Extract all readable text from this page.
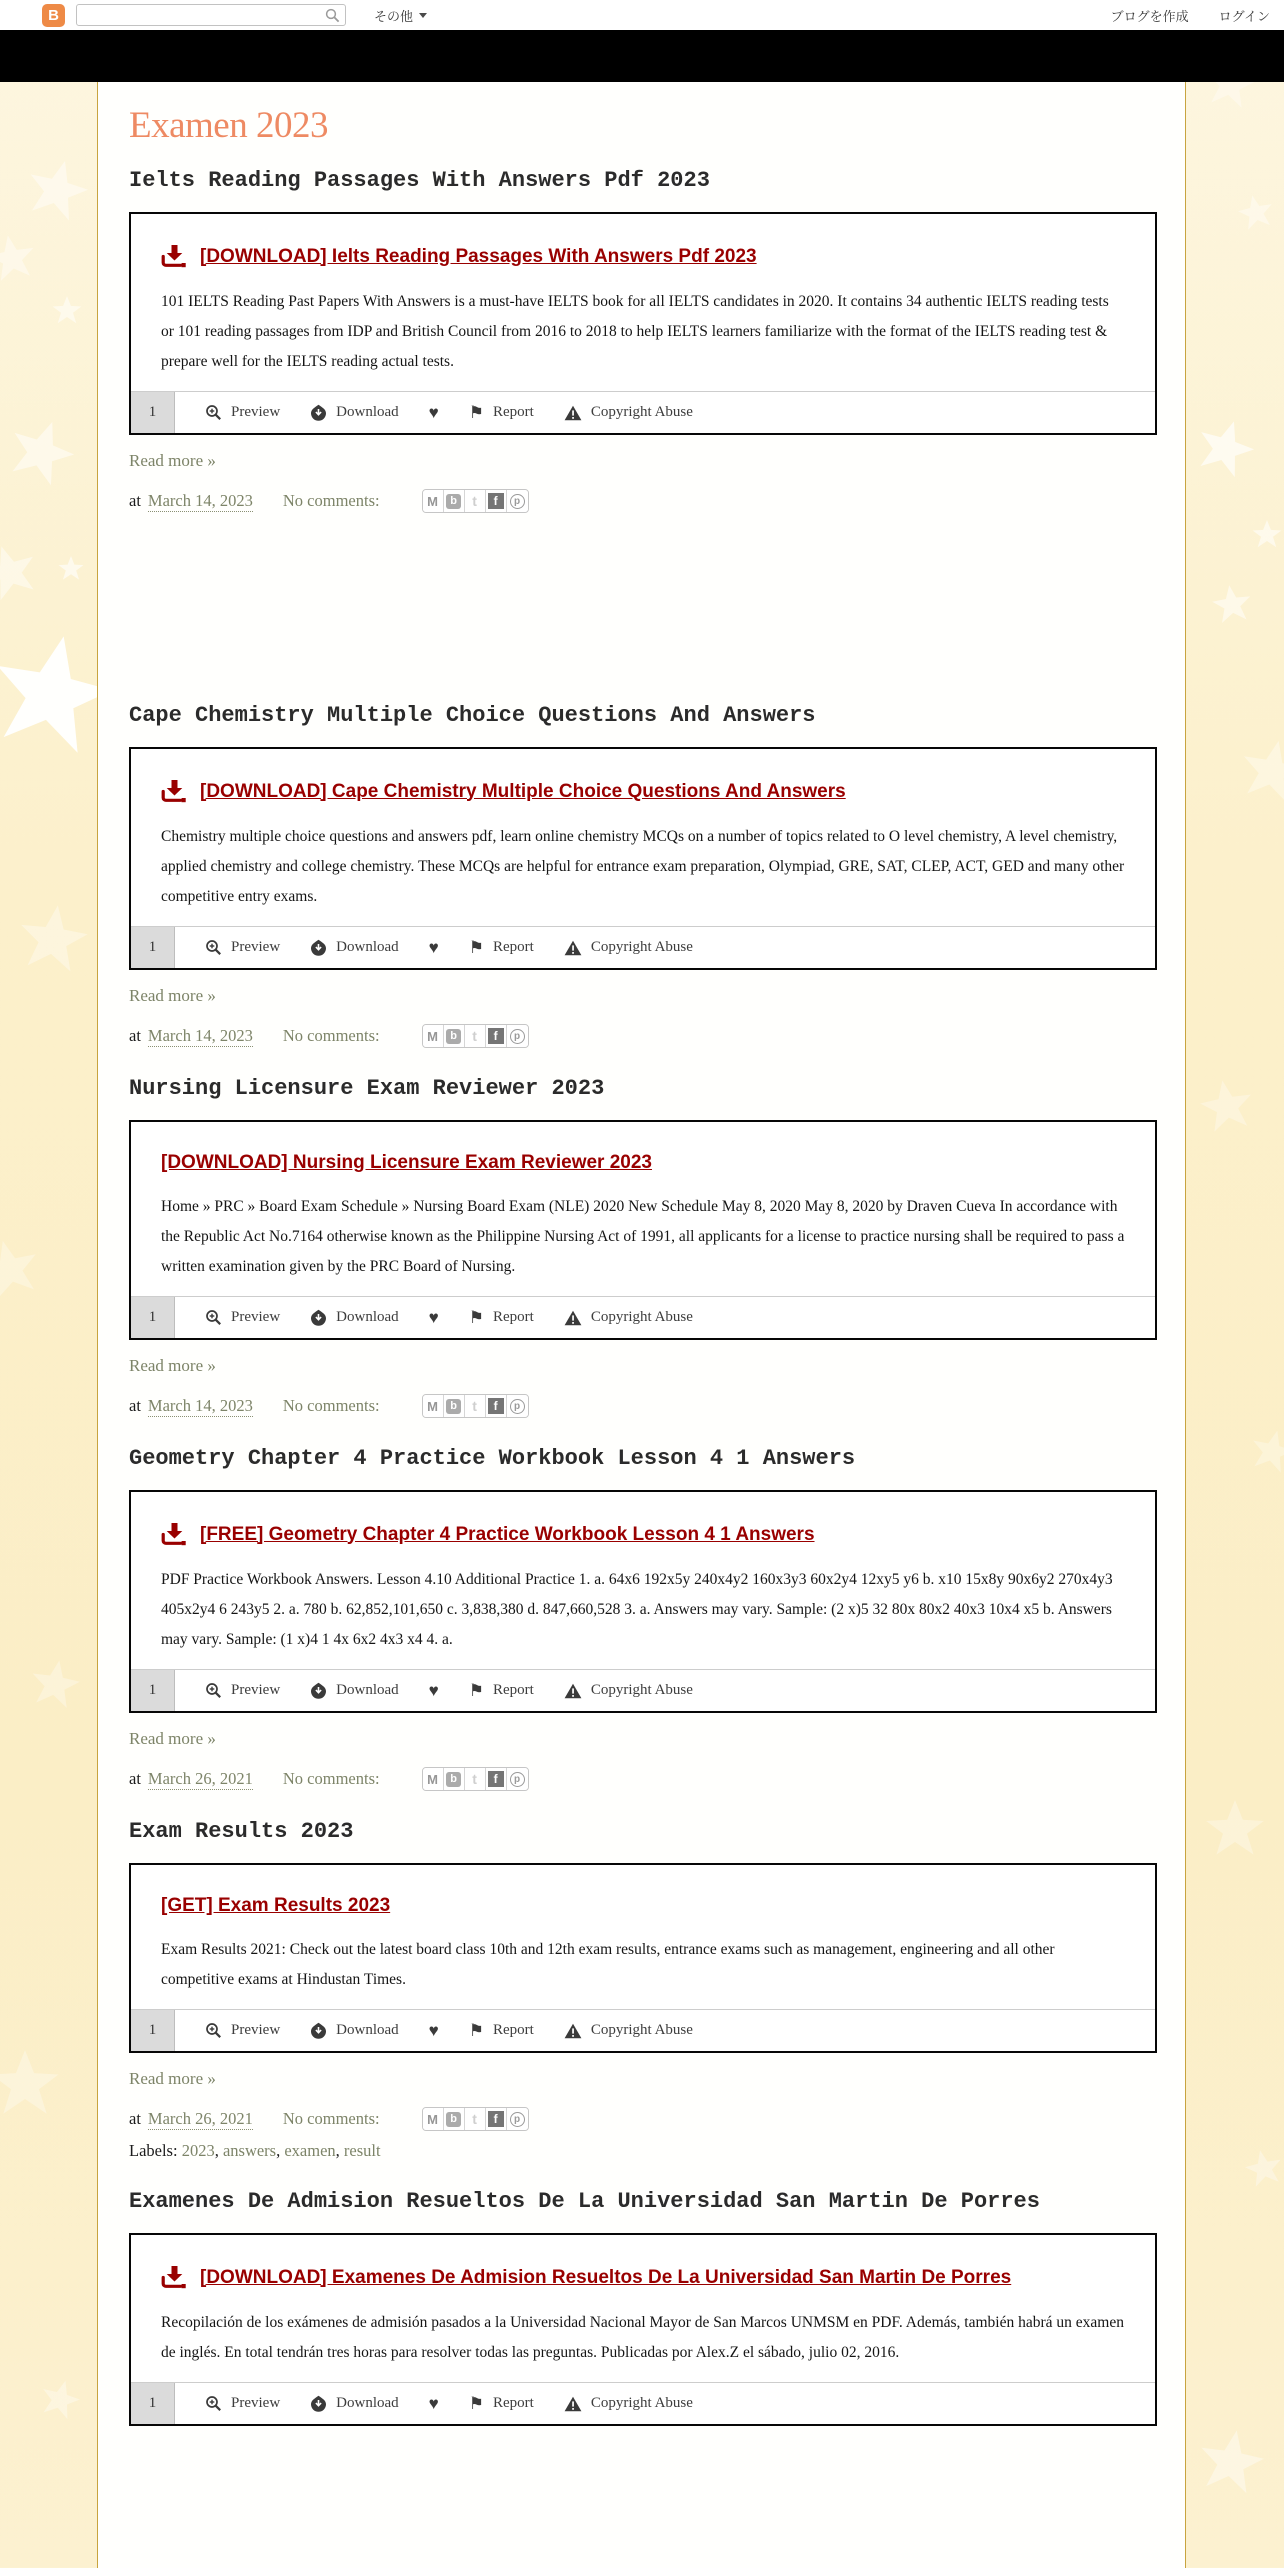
B	その他	ブログを作成 ログイン
Examen 2023
Ielts Reading Passages With Answers Pdf 2023
[DOWNLOAD] Ielts Reading Passages With Answers Pdf 2023

101 IELTS Reading Past Papers With Answers is a must-have IELTS book for all IELTS candidates in 2020. It contains 34 authentic IELTS reading tests or 101 reading passages from IDP and British Council from 2016 to 2018 to help IELTS learners familiarize with the format of the IELTS reading test & prepare well for the IELTS reading actual tests.

1	Preview	Download ♥ ⚑ Report	Copyright Abuse
Read more »
at March 14, 2023 No comments:	M	b t	f	p
Cape Chemistry Multiple Choice Questions And Answers
[DOWNLOAD] Cape Chemistry Multiple Choice Questions And Answers

Chemistry multiple choice questions and answers pdf, learn online chemistry MCQs on a number of topics related to O level chemistry, A level chemistry, applied chemistry and college chemistry. These MCQs are helpful for entrance exam preparation, Olympiad, GRE, SAT, CLEP, ACT, GED and many other competitive entry exams.

1	Preview	Download ♥ ⚑ Report	Copyright Abuse
Read more »
at March 14, 2023 No comments:	M	b t	f	p
Nursing Licensure Exam Reviewer 2023
[DOWNLOAD] Nursing Licensure Exam Reviewer 2023

Home » PRC » Board Exam Schedule » Nursing Board Exam (NLE) 2020 New Schedule May 8, 2020 May 8, 2020 by Draven Cueva In accordance with the Republic Act No.7164 otherwise known as the Philippine Nursing Act of 1991, all applicants for a license to practice nursing shall be required to pass a written examination given by the PRC Board of Nursing.

1	Preview	Download ♥ ⚑ Report	Copyright Abuse
Read more »
at March 14, 2023 No comments:	M	b t	f	p
Geometry Chapter 4 Practice Workbook Lesson 4 1 Answers
[FREE] Geometry Chapter 4 Practice Workbook Lesson 4 1 Answers

PDF Practice Workbook Answers. Lesson 4.10 Additional Practice 1. a. 64x6 192x5y 240x4y2 160x3y3 60x2y4 12xy5 y6 b. x10 15x8y 90x6y2 270x4y3 405x2y4 6 243y5 2. a. 780 b. 62,852,101,650 c. 3,838,380 d. 847,660,528 3. a. Answers may vary. Sample: (2 x)5 32 80x 80x2 40x3 10x4 x5 b. Answers may vary. Sample: (1 x)4 1 4x 6x2 4x3 x4 4. a.

1	Preview	Download ♥ ⚑ Report	Copyright Abuse
Read more »
at March 26, 2021 No comments:	M	b t	f	p
Exam Results 2023
[GET] Exam Results 2023

Exam Results 2021: Check out the latest board class 10th and 12th exam results, entrance exams such as management, engineering and all other competitive exams at Hindustan Times.

1	Preview	Download ♥ ⚑ Report	Copyright Abuse
Read more »
at March 26, 2021 No comments:	M	b t	f	p
Labels: 2023, answers, examen, result
Examenes De Admision Resueltos De La Universidad San Martin De Porres
[DOWNLOAD] Examenes De Admision Resueltos De La Universidad San Martin De Porres

Recopilación de los exámenes de admisión pasados a la Universidad Nacional Mayor de San Marcos UNMSM en PDF. Además, también habrá un examen de inglés. En total tendrán tres horas para resolver todas las preguntas. Publicadas por Alex.Z el sábado, julio 02, 2016.

1	Preview	Download ♥ ⚑ Report	Copyright Abuse
